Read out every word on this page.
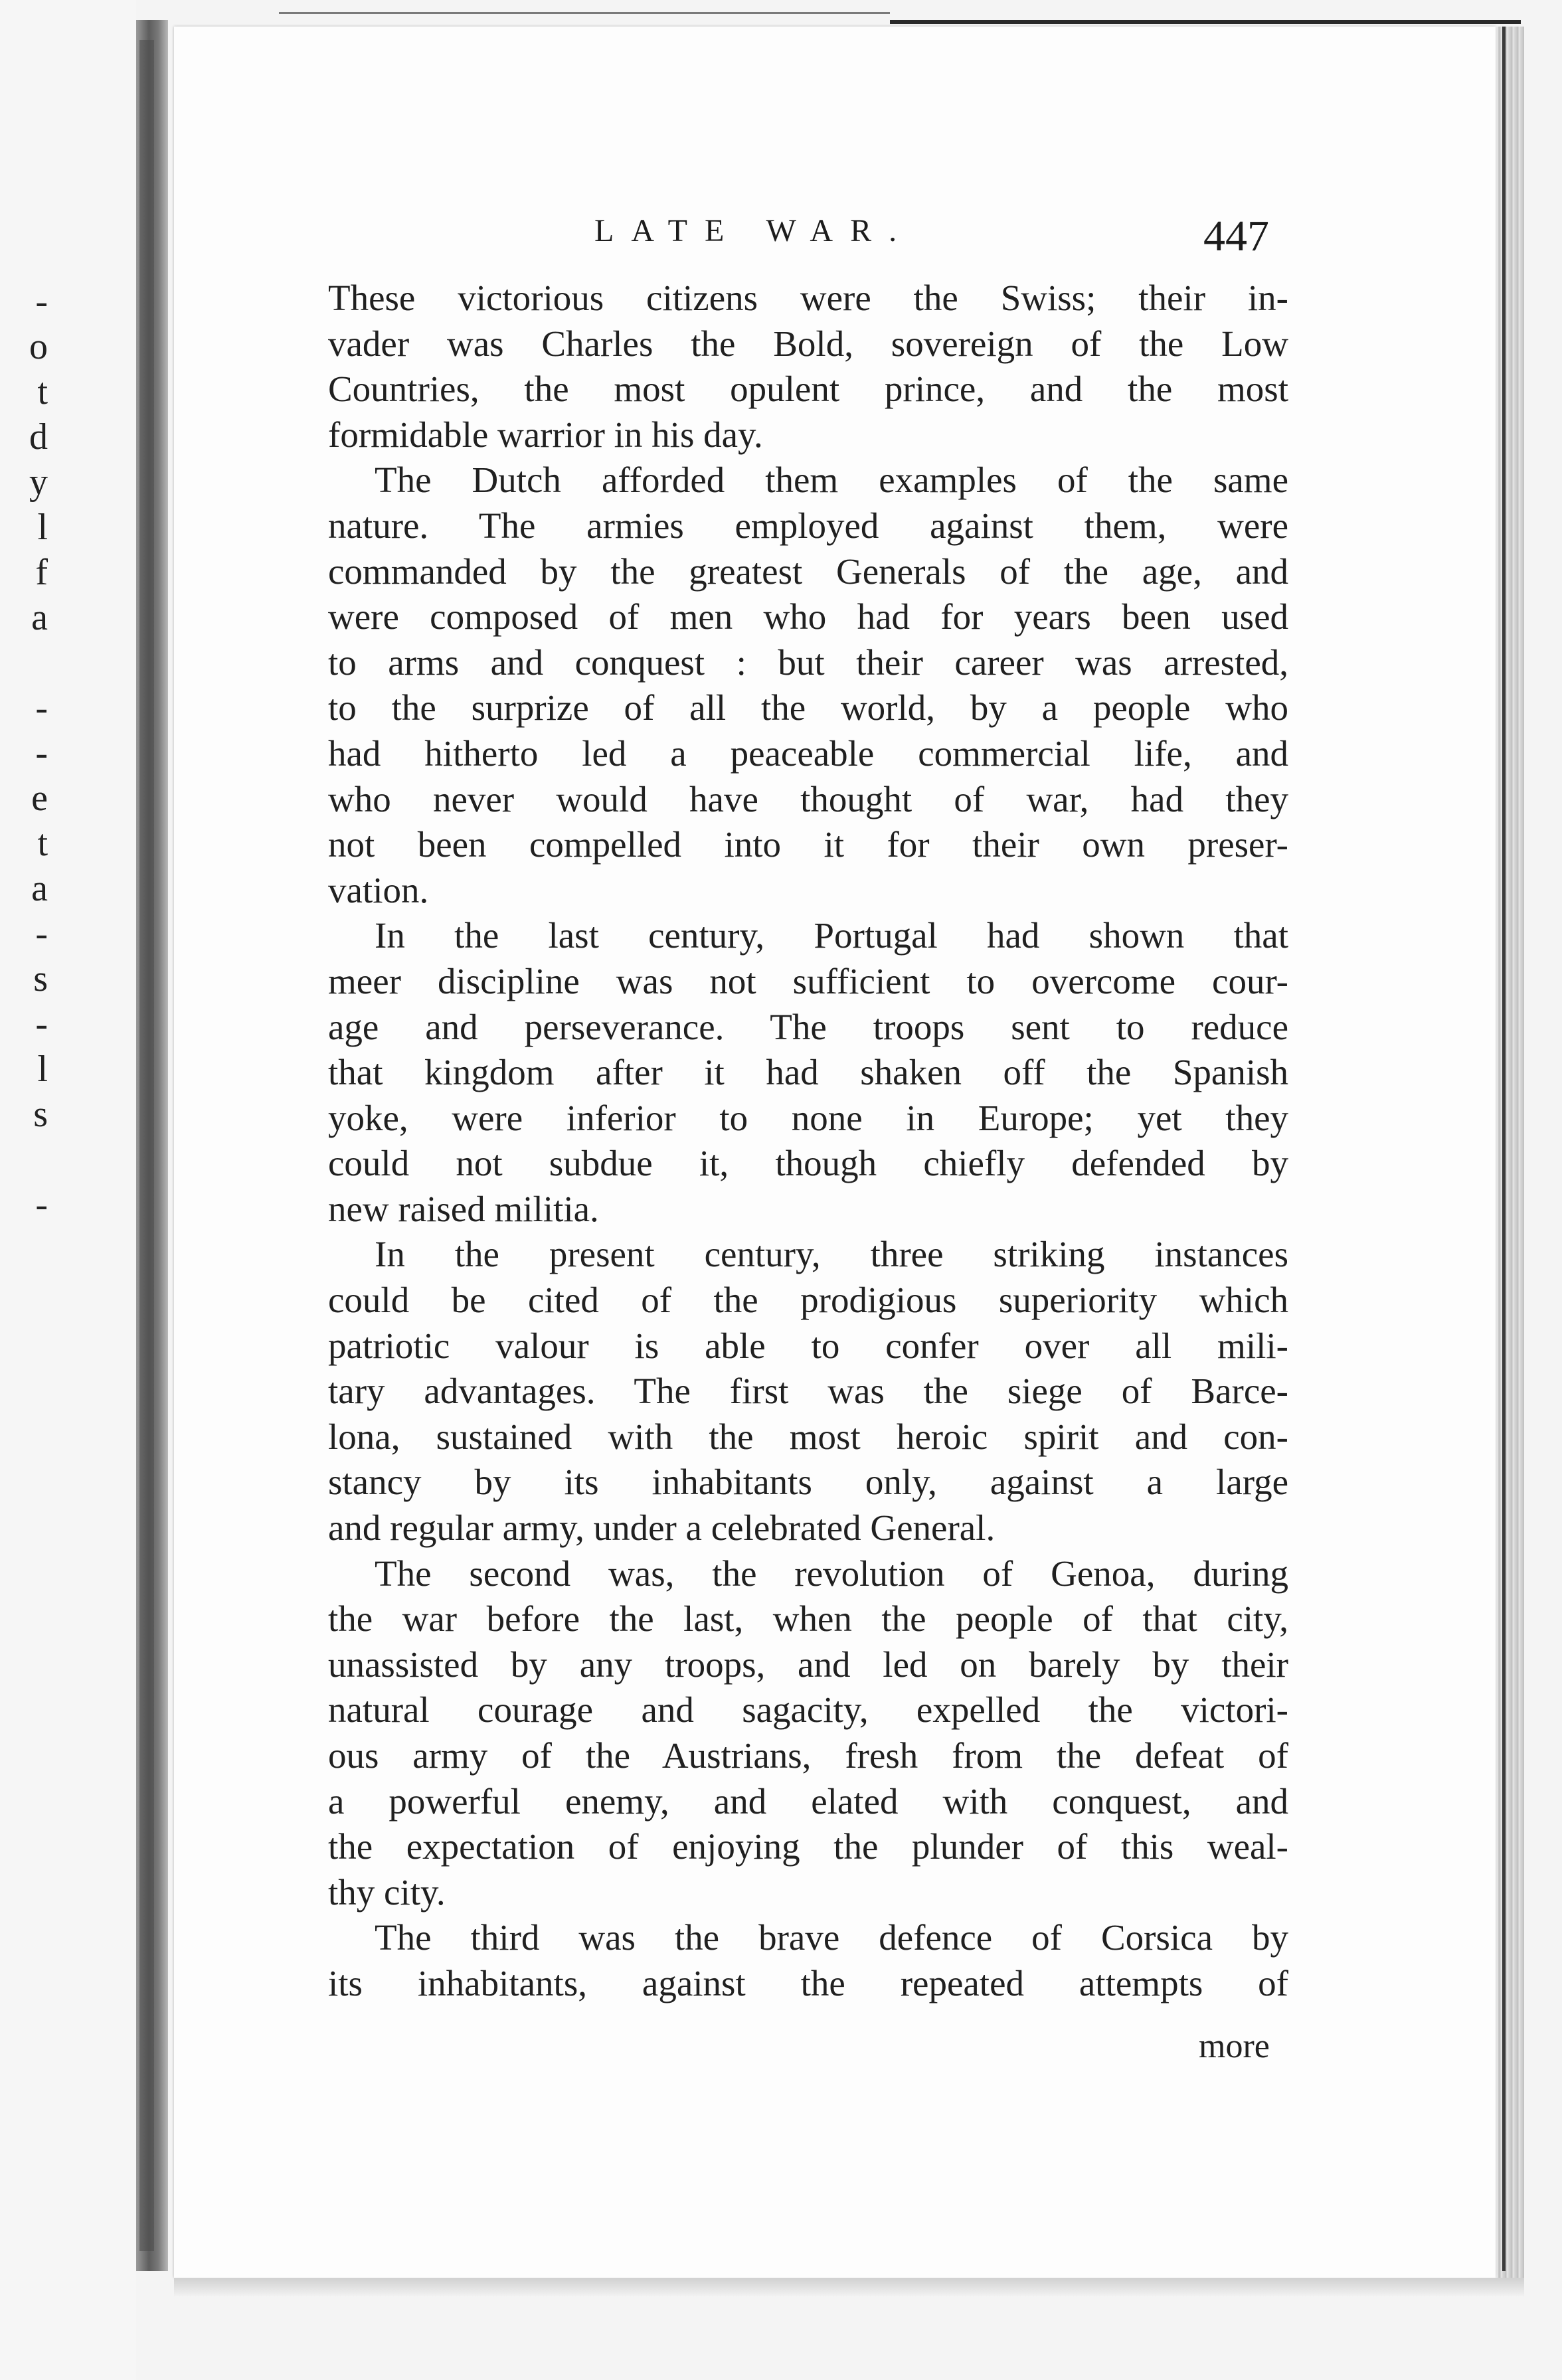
-
o
t
d
y
l
f
a
-
-
e
t
a
-
s
-
l
s
-
LATE WAR.	447
These victorious citizens were the Swiss; their in-
vader was Charles the Bold, sovereign of the Low
Countries, the most opulent prince, and the most
formidable warrior in his day.
The Dutch afforded them examples of the same
nature. The armies employed against them, were
commanded by the greatest Generals of the age, and
were composed of men who had for years been used
to arms and conquest : but their career was arrested,
to the surprize of all the world, by a people who
had hitherto led a peaceable commercial life, and
who never would have thought of war, had they
not been compelled into it for their own preser-
vation.
In the last century, Portugal had shown that
meer discipline was not sufficient to overcome cour-
age and perseverance. The troops sent to reduce
that kingdom after it had shaken off the Spanish
yoke, were inferior to none in Europe; yet they
could not subdue it, though chiefly defended by
new raised militia.
In the present century, three striking instances
could be cited of the prodigious superiority which
patriotic valour is able to confer over all mili-
tary advantages. The first was the siege of Barce-
lona, sustained with the most heroic spirit and con-
stancy by its inhabitants only, against a large
and regular army, under a celebrated General.
The second was, the revolution of Genoa, during
the war before the last, when the people of that city,
unassisted by any troops, and led on barely by their
natural courage and sagacity, expelled the victori-
ous army of the Austrians, fresh from the defeat of
a powerful enemy, and elated with conquest, and
the expectation of enjoying the plunder of this weal-
thy city.
The third was the brave defence of Corsica by
its inhabitants, against the repeated attempts of
more
